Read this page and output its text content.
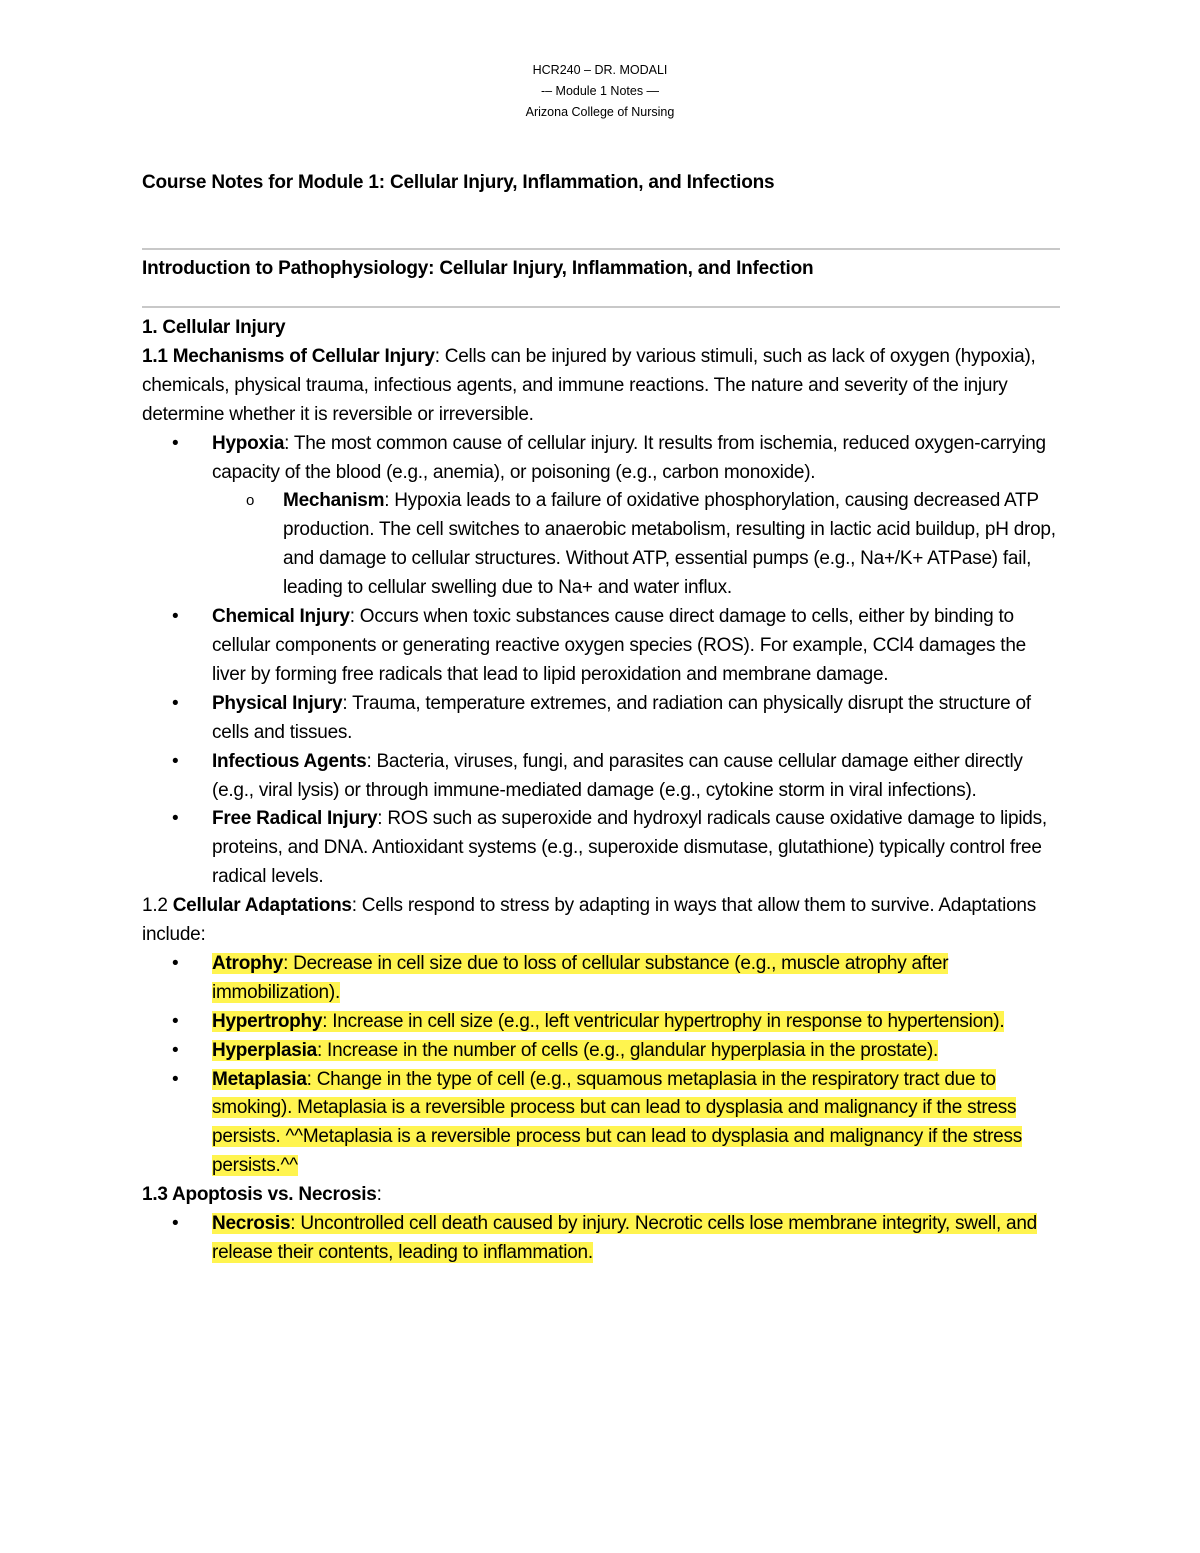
HCR240 – DR. MODALI
-– Module 1 Notes —
Arizona College of Nursing
Course Notes for Module 1: Cellular Injury, Inflammation, and Infections
Introduction to Pathophysiology: Cellular Injury, Inflammation, and Infection

1. Cellular Injury

1.1 Mechanisms of Cellular Injury: Cells can be injured by various stimuli, such as lack of oxygen (hypoxia), chemicals, physical trauma, infectious agents, and immune reactions. The nature and severity of the injury determine whether it is reversible or irreversible.

• Hypoxia: The most common cause of cellular injury. It results from ischemia, reduced oxygen-carrying capacity of the blood (e.g., anemia), or poisoning (e.g., carbon monoxide).
o Mechanism: Hypoxia leads to a failure of oxidative phosphorylation, causing decreased ATP production. The cell switches to anaerobic metabolism, resulting in lactic acid buildup, pH drop, and damage to cellular structures. Without ATP, essential pumps (e.g., Na+/K+ ATPase) fail, leading to cellular swelling due to Na+ and water influx.
• Chemical Injury: Occurs when toxic substances cause direct damage to cells, either by binding to cellular components or generating reactive oxygen species (ROS). For example, CCl4 damages the liver by forming free radicals that lead to lipid peroxidation and membrane damage.
• Physical Injury: Trauma, temperature extremes, and radiation can physically disrupt the structure of cells and tissues.
• Infectious Agents: Bacteria, viruses, fungi, and parasites can cause cellular damage either directly (e.g., viral lysis) or through immune-mediated damage (e.g., cytokine storm in viral infections).
• Free Radical Injury: ROS such as superoxide and hydroxyl radicals cause oxidative damage to lipids, proteins, and DNA. Antioxidant systems (e.g., superoxide dismutase, glutathione) typically control free radical levels.

1.2 Cellular Adaptations: Cells respond to stress by adapting in ways that allow them to survive. Adaptations include:

• Atrophy: Decrease in cell size due to loss of cellular substance (e.g., muscle atrophy after immobilization).
• Hypertrophy: Increase in cell size (e.g., left ventricular hypertrophy in response to hypertension).
• Hyperplasia: Increase in the number of cells (e.g., glandular hyperplasia in the prostate).
• Metaplasia: Change in the type of cell (e.g., squamous metaplasia in the respiratory tract due to smoking). Metaplasia is a reversible process but can lead to dysplasia and malignancy if the stress persists. ^^Metaplasia is a reversible process but can lead to dysplasia and malignancy if the stress persists.^^

1.3 Apoptosis vs. Necrosis:

• Necrosis: Uncontrolled cell death caused by injury. Necrotic cells lose membrane integrity, swell, and release their contents, leading to inflammation.
